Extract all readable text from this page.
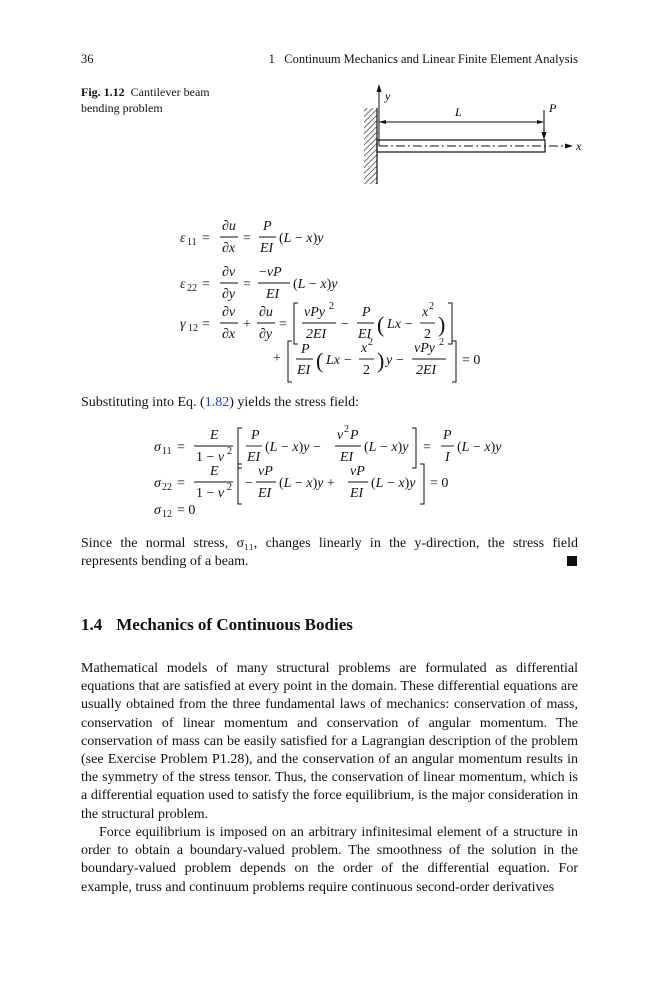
36	1   Continuum Mechanics and Linear Finite Element Analysis
Fig. 1.12 Cantilever beam bending problem
y
x
L	P
ε 11 =
∂u
∂x
=
P
EI
(L − x)y
ε 22 =
∂v
∂y
=
−νP
EI
(L − x)y
γ 12 =
∂v
∂x
+
∂u
∂y
=
νPy 2
2EI
−
P
EI ( Lx −
x 2
2 )
+
P
EI ( Lx −
x 2
2 ) y −
νPy 2
2EI
= 0
Substituting into Eq. (1.82) yields the stress field:
σ 11 =
E
1 − ν 2
P
EI
(L − x)y −
ν 2 P
EI
(L − x)y =
P
I
(L − x)y
σ 22 =
E
1 − ν 2 −
νP
EI
(L − x)y +
νP
EI
(L − x)y = 0
σ 12 = 0
Since the normal stress, σ₁₁, changes linearly in the y-direction, the stress field
represents bending of a beam.
1.4 Mechanics of Continuous Bodies
Mathematical models of many structural problems are formulated as differential equations that are satisfied at every point in the domain. These differential equations are usually obtained from the three fundamental laws of mechanics: conservation of mass, conservation of linear momentum and conservation of angular momentum. The conservation of mass can be easily satisfied for a Lagrangian description of the problem (see Exercise Problem P1.28), and the conservation of an angular momentum results in the symmetry of the stress tensor. Thus, the conservation of linear momentum, which is a differential equation used to satisfy the force equilibrium, is the major consideration in the structural problem.
Force equilibrium is imposed on an arbitrary infinitesimal element of a structure in order to obtain a boundary-valued problem. The smoothness of the solution in the boundary-valued problem depends on the order of the differential equation. For example, truss and continuum problems require continuous second-order derivatives
